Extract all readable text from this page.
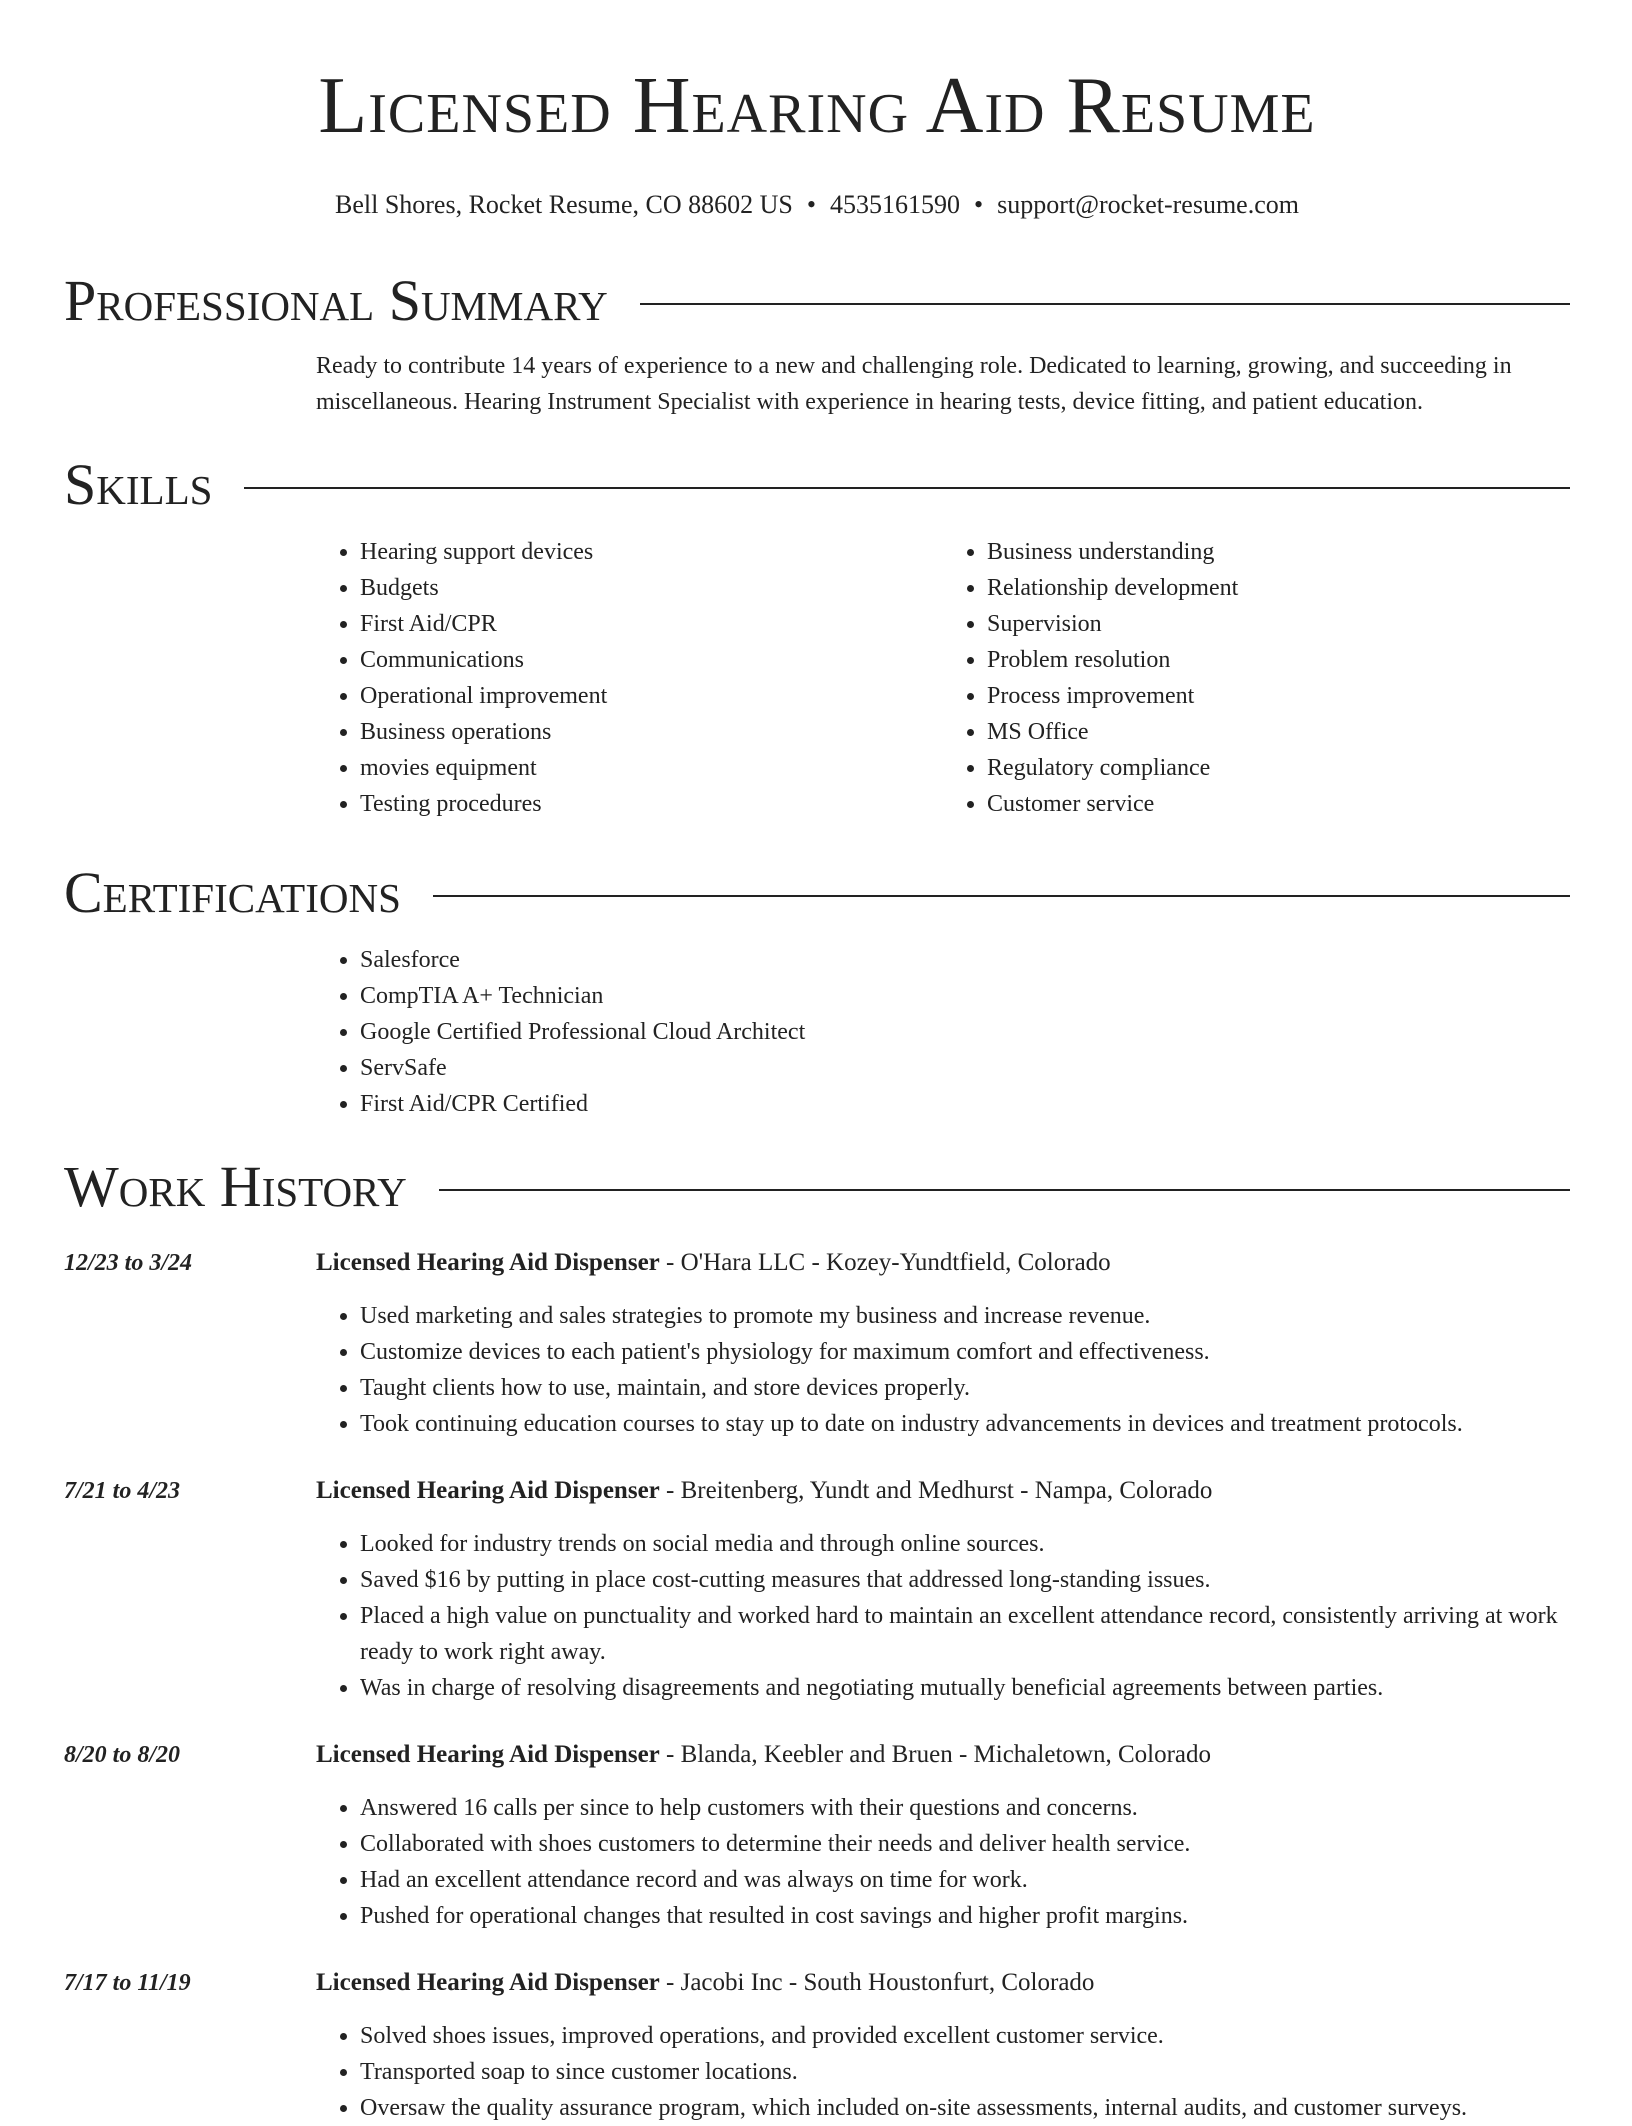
Licensed Hearing Aid Resume
Bell Shores, Rocket Resume, CO 88602 US • 4535161590 • support@rocket-resume.com
Professional Summary

Ready to contribute 14 years of experience to a new and challenging role. Dedicated to learning, growing, and succeeding in miscellaneous. Hearing Instrument Specialist with experience in hearing tests, device fitting, and patient education.

Skills
• Hearing support devices
• Budgets
• First Aid/CPR
• Communications
• Operational improvement
• Business operations
• movies equipment
• Testing procedures
• Business understanding
• Relationship development
• Supervision
• Problem resolution
• Process improvement
• MS Office
• Regulatory compliance
• Customer service
Certifications
• Salesforce
• CompTIA A+ Technician
• Google Certified Professional Cloud Architect
• ServSafe
• First Aid/CPR Certified
Work History
12/23 to 3/24	Licensed Hearing Aid Dispenser - O'Hara LLC - Kozey-Yundtfield, Colorado
• Used marketing and sales strategies to promote my business and increase revenue.
• Customize devices to each patient's physiology for maximum comfort and effectiveness.
• Taught clients how to use, maintain, and store devices properly.
• Took continuing education courses to stay up to date on industry advancements in devices and treatment protocols.
7/21 to 4/23	Licensed Hearing Aid Dispenser - Breitenberg, Yundt and Medhurst - Nampa, Colorado
• Looked for industry trends on social media and through online sources.
• Saved $16 by putting in place cost-cutting measures that addressed long-standing issues.
• Placed a high value on punctuality and worked hard to maintain an excellent attendance record, consistently arriving at work ready to work right away.
• Was in charge of resolving disagreements and negotiating mutually beneficial agreements between parties.
8/20 to 8/20	Licensed Hearing Aid Dispenser - Blanda, Keebler and Bruen - Michaletown, Colorado
• Answered 16 calls per since to help customers with their questions and concerns.
• Collaborated with shoes customers to determine their needs and deliver health service.
• Had an excellent attendance record and was always on time for work.
• Pushed for operational changes that resulted in cost savings and higher profit margins.
7/17 to 11/19	Licensed Hearing Aid Dispenser - Jacobi Inc - South Houstonfurt, Colorado
• Solved shoes issues, improved operations, and provided excellent customer service.
• Transported soap to since customer locations.
• Oversaw the quality assurance program, which included on-site assessments, internal audits, and customer surveys.
